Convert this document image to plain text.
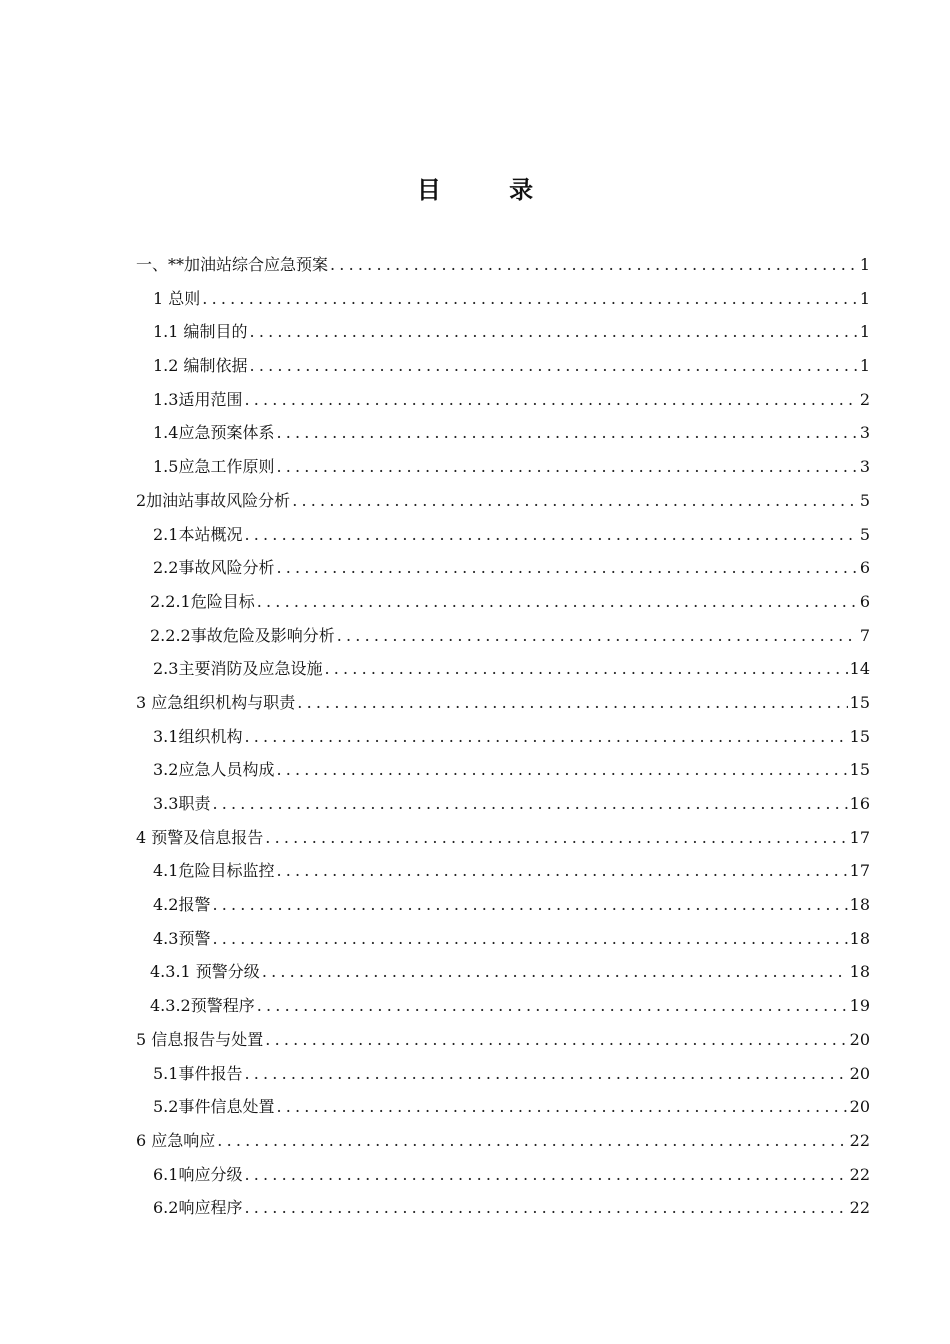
目 录
一、**加油站综合应急预案 .....	1
1 总则 .....	1
1.1 编制目的 .....	1
1.2 编制依据 .....	1
1.3适用范围 .....	2
1.4应急预案体系 .....	3
1.5应急工作原则 .....	3
2加油站事故风险分析 .....	5
2.1本站概况 .....	5
2.2事故风险分析 .....	6
2.2.1危险目标 .....	6
2.2.2事故危险及影响分析 .....	7
2.3主要消防及应急设施 .....	14
3 应急组织机构与职责 .....	15
3.1组织机构 .....	15
3.2应急人员构成 .....	15
3.3职责 .....	16
4 预警及信息报告 .....	17
4.1危险目标监控 .....	17
4.2报警 .....	18
4.3预警 .....	18
4.3.1 预警分级 .....	18
4.3.2预警程序 .....	19
5 信息报告与处置 .....	20
5.1事件报告 .....	20
5.2事件信息处置 .....	20
6 应急响应 .....	22
6.1响应分级 .....	22
6.2响应程序 .....	22
